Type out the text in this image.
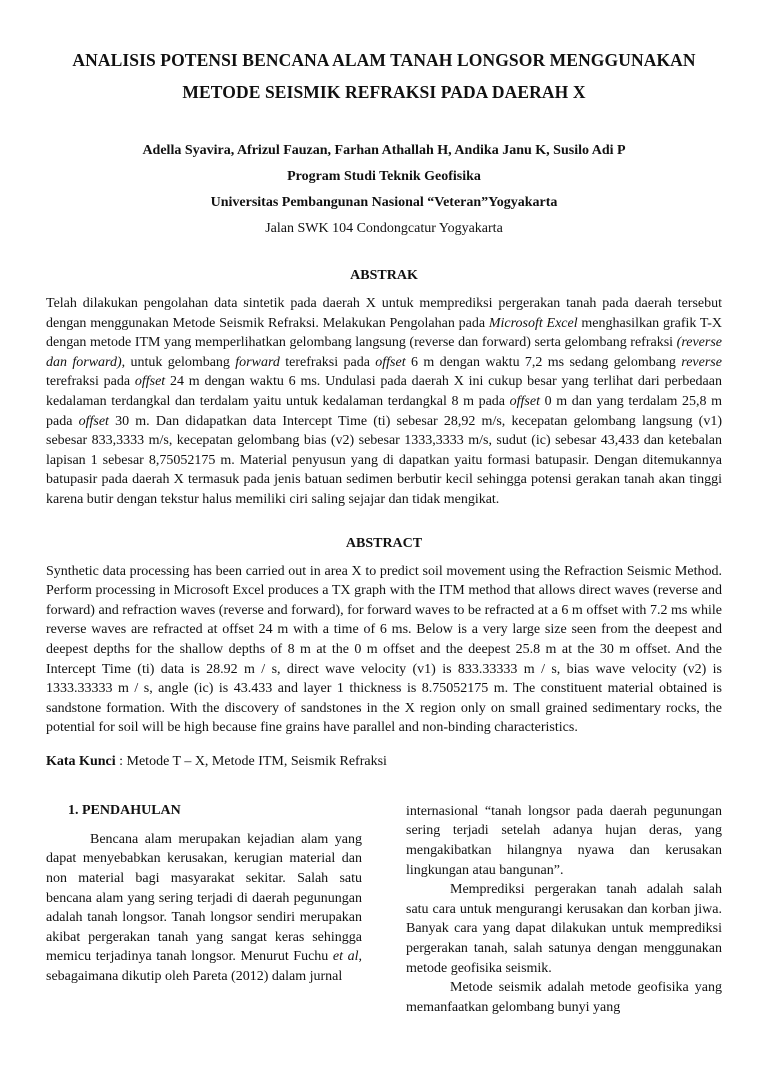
ANALISIS POTENSI BENCANA ALAM TANAH LONGSOR MENGGUNAKAN
METODE SEISMIK REFRAKSI PADA DAERAH X
Adella Syavira, Afrizul Fauzan, Farhan Athallah H, Andika Janu K, Susilo Adi P
Program Studi Teknik Geofisika
Universitas Pembangunan Nasional “Veteran”Yogyakarta
Jalan SWK 104 Condongcatur Yogyakarta
ABSTRAK

Telah dilakukan pengolahan data sintetik pada daerah X untuk memprediksi pergerakan tanah pada daerah tersebut dengan menggunakan Metode Seismik Refraksi. Melakukan Pengolahan pada Microsoft Excel menghasilkan grafik T-X dengan metode ITM yang memperlihatkan gelombang langsung (reverse dan forward) serta gelombang refraksi (reverse dan forward), untuk gelombang forward terefraksi pada offset 6 m dengan waktu 7,2 ms sedang gelombang reverse terefraksi pada offset 24 m dengan waktu 6 ms. Undulasi pada daerah X ini cukup besar yang terlihat dari perbedaan kedalaman terdangkal dan terdalam yaitu untuk kedalaman terdangkal 8 m pada offset 0 m dan yang terdalam 25,8 m pada offset 30 m. Dan didapatkan data Intercept Time (ti) sebesar 28,92 m/s, kecepatan gelombang langsung (v1) sebesar 833,3333 m/s, kecepatan gelombang bias (v2) sebesar 1333,3333 m/s, sudut (ic) sebesar 43,433 dan ketebalan lapisan 1 sebesar 8,75052175 m. Material penyusun yang di dapatkan yaitu formasi batupasir. Dengan ditemukannya batupasir pada daerah X termasuk pada jenis batuan sedimen berbutir kecil sehingga potensi gerakan tanah akan tinggi karena butir dengan tekstur halus memiliki ciri saling sejajar dan tidak mengikat.

ABSTRACT

Synthetic data processing has been carried out in area X to predict soil movement using the Refraction Seismic Method. Perform processing in Microsoft Excel produces a TX graph with the ITM method that allows direct waves (reverse and forward) and refraction waves (reverse and forward), for forward waves to be refracted at a 6 m offset with 7.2 ms while reverse waves are refracted at offset 24 m with a time of 6 ms. Below is a very large size seen from the deepest and deepest depths for the shallow depths of 8 m at the 0 m offset and the deepest 25.8 m at the 30 m offset. And the Intercept Time (ti) data is 28.92 m / s, direct wave velocity (v1) is 833.33333 m / s, bias wave velocity (v2) is 1333.33333 m / s, angle (ic) is 43.433 and layer 1 thickness is 8.75052175 m. The constituent material obtained is sandstone formation. With the discovery of sandstones in the X region only on small grained sedimentary rocks, the potential for soil will be high because fine grains have parallel and non-binding characteristics.

Kata Kunci : Metode T – X, Metode ITM, Seismik Refraksi
1. PENDAHULAN

Bencana alam merupakan kejadian alam yang dapat menyebabkan kerusakan, kerugian material dan non material bagi masyarakat sekitar. Salah satu bencana alam yang sering terjadi di daerah pegunungan adalah tanah longsor. Tanah longsor sendiri merupakan akibat pergerakan tanah yang sangat keras sehingga memicu terjadinya tanah longsor. Menurut Fuchu et al, sebagaimana dikutip oleh Pareta (2012) dalam jurnal

internasional “tanah longsor pada daerah pegunungan sering terjadi setelah adanya hujan deras, yang mengakibatkan hilangnya nyawa dan kerusakan lingkungan atau bangunan”.

Memprediksi pergerakan tanah adalah salah satu cara untuk mengurangi kerusakan dan korban jiwa. Banyak cara yang dapat dilakukan untuk memprediksi pergerakan tanah, salah satunya dengan menggunakan metode geofisika seismik.

Metode seismik adalah metode geofisika yang memanfaatkan gelombang bunyi yang
